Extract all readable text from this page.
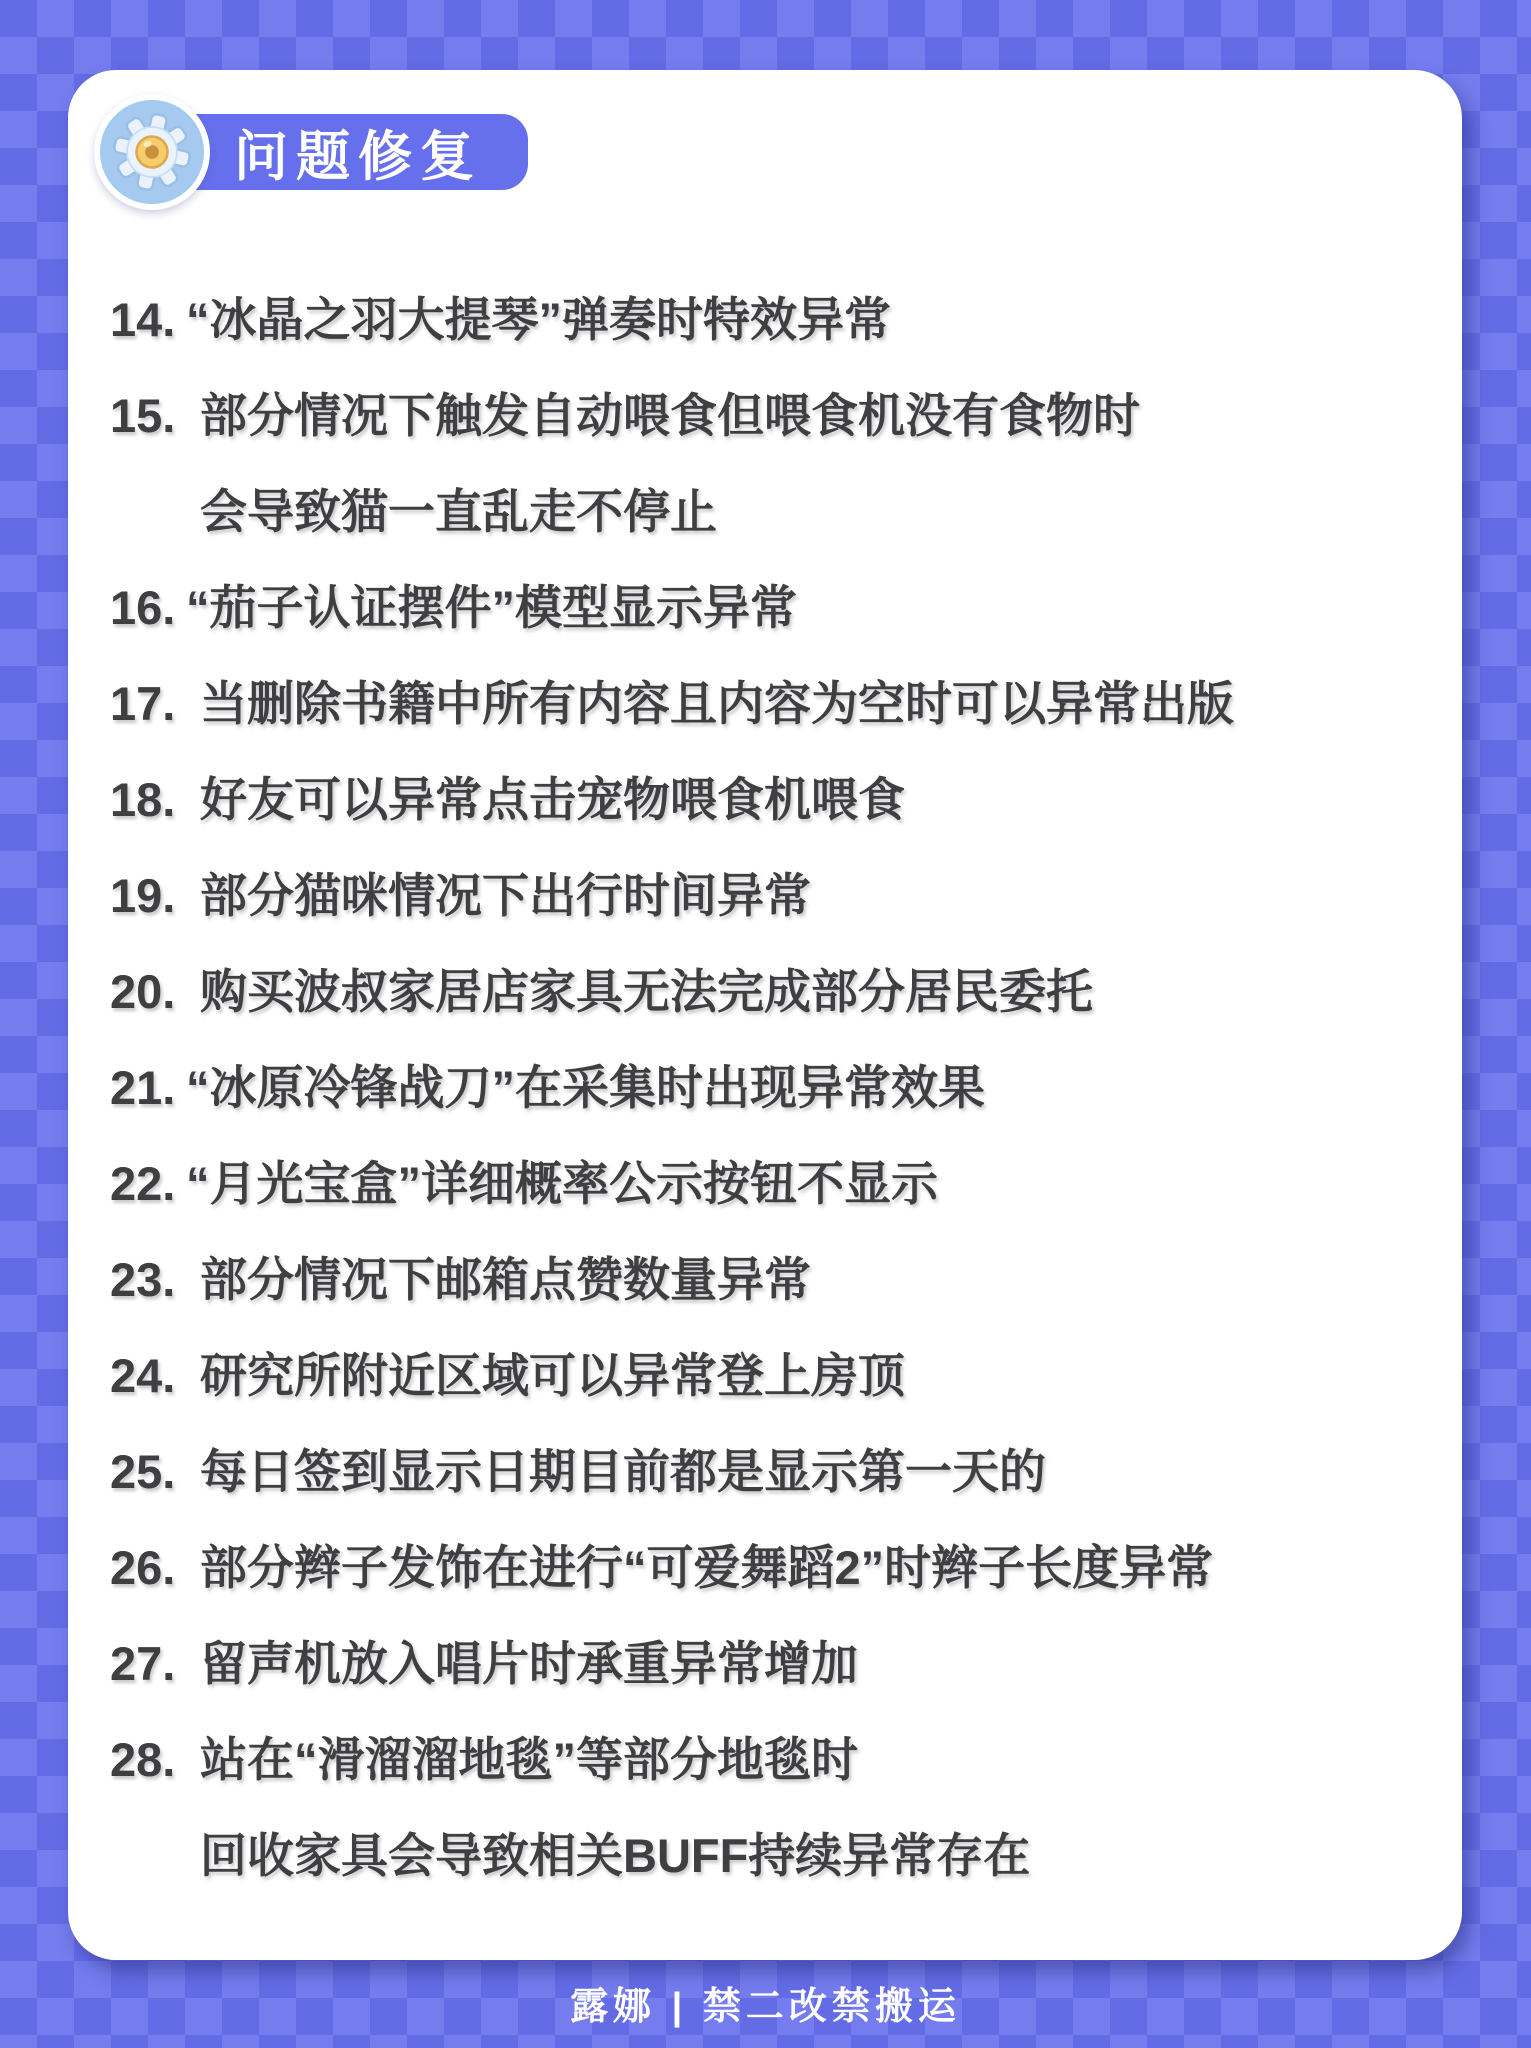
问题修复
14. “冰晶之羽大提琴”弹奏时特效异常
15. 部分情况下触发自动喂食但喂食机没有食物时
会导致猫一直乱走不停止
16. “茄子认证摆件”模型显示异常
17. 当删除书籍中所有内容且内容为空时可以异常出版
18. 好友可以异常点击宠物喂食机喂食
19. 部分猫咪情况下出行时间异常
20. 购买波叔家居店家具无法完成部分居民委托
21. “冰原冷锋战刀”在采集时出现异常效果
22. “月光宝盒”详细概率公示按钮不显示
23. 部分情况下邮箱点赞数量异常
24. 研究所附近区域可以异常登上房顶
25. 每日签到显示日期目前都是显示第一天的
26. 部分辫子发饰在进行“可爱舞蹈2”时辫子长度异常
27. 留声机放入唱片时承重异常增加
28. 站在“滑溜溜地毯”等部分地毯时
回收家具会导致相关BUFF持续异常存在
露娜 | 禁二改禁搬运
